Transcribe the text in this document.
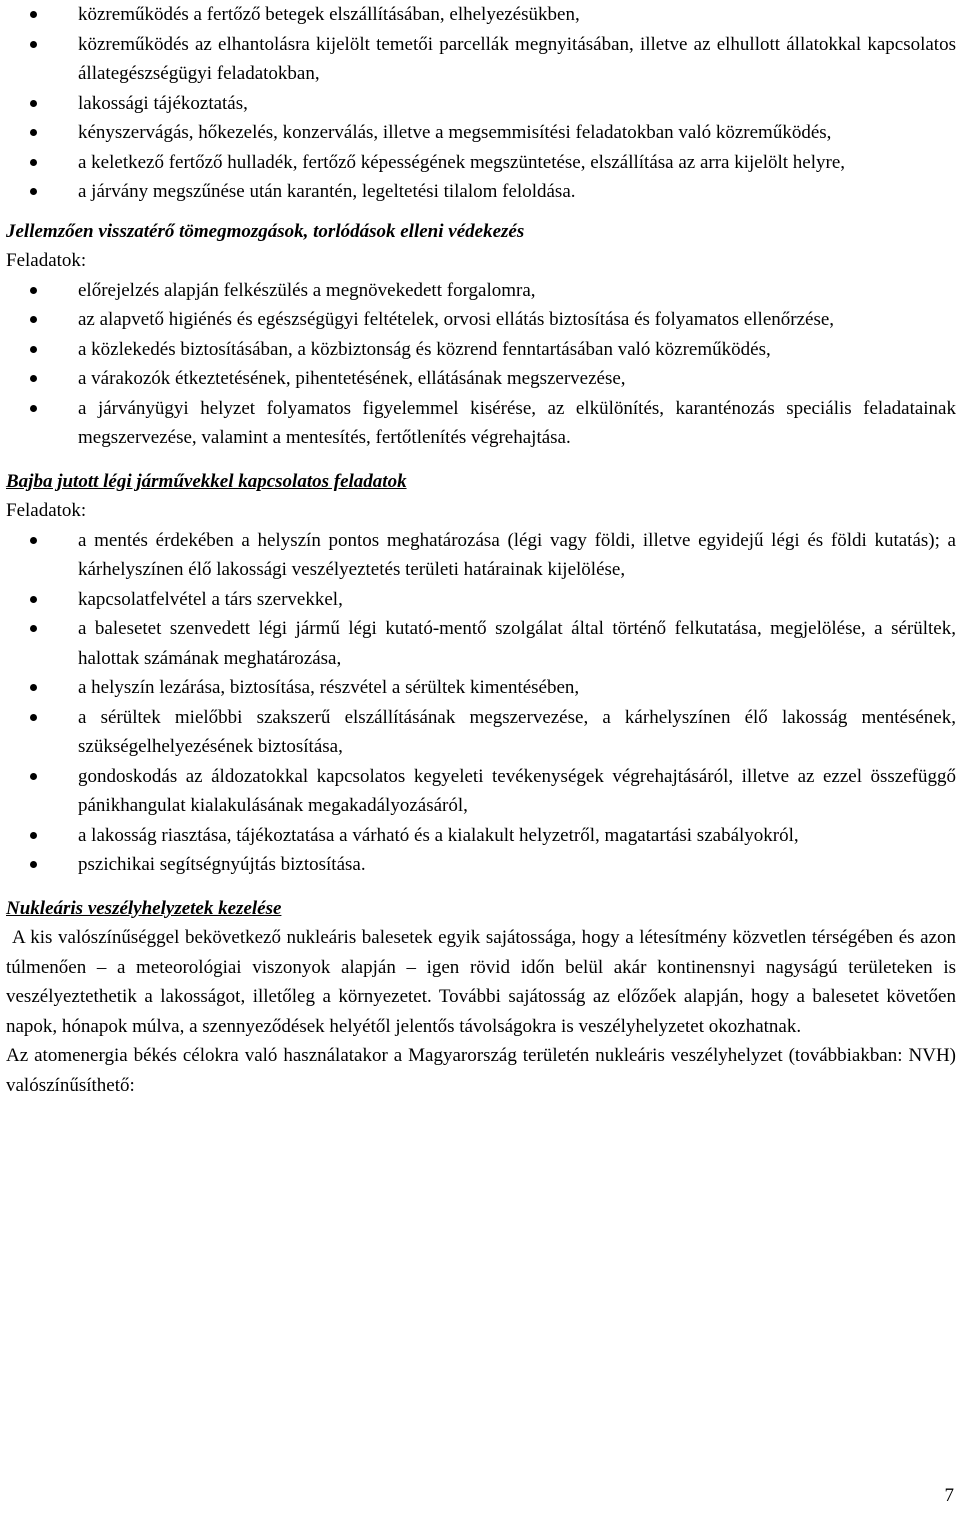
közreműködés a fertőző betegek elszállításában, elhelyezésükben,
közreműködés az elhantolásra kijelölt temetői parcellák megnyitásában, illetve az elhullott állatokkal kapcsolatos állategészségügyi feladatokban,
lakossági tájékoztatás,
kényszervágás, hőkezelés, konzerválás, illetve a megsemmisítési feladatokban való közreműködés,
a keletkező fertőző hulladék, fertőző képességének megszüntetése, elszállítása az arra kijelölt helyre,
a járvány megszűnése után karantén, legeltetési tilalom feloldása.

Jellemzően visszatérő tömegmozgások, torlódások elleni védekezés

Feladatok:

előrejelzés alapján felkészülés a megnövekedett forgalomra,
az alapvető higiénés és egészségügyi feltételek, orvosi ellátás biztosítása és folyamatos ellenőrzése,
a közlekedés biztosításában, a közbiztonság és közrend fenntartásában való közreműködés,
a várakozók étkeztetésének, pihentetésének, ellátásának megszervezése,
a járványügyi helyzet folyamatos figyelemmel kisérése, az elkülönítés, karanténozás speciális feladatainak megszervezése, valamint a mentesítés, fertőtlenítés végrehajtása.

Bajba jutott légi járművekkel kapcsolatos feladatok

Feladatok:

a mentés érdekében a helyszín pontos meghatározása (légi vagy földi, illetve egyidejű légi és földi kutatás); a kárhelyszínen élő lakossági veszélyeztetés területi határainak kijelölése,
kapcsolatfelvétel a társ szervekkel,
a balesetet szenvedett légi jármű légi kutató-mentő szolgálat által történő felkutatása, megjelölése, a sérültek, halottak számának meghatározása,
a helyszín lezárása, biztosítása, részvétel a sérültek kimentésében,
a sérültek mielőbbi szakszerű elszállításának megszervezése, a kárhelyszínen élő lakosság mentésének, szükségelhelyezésének biztosítása,
gondoskodás az áldozatokkal kapcsolatos kegyeleti tevékenységek végrehajtásáról, illetve az ezzel összefüggő pánikhangulat kialakulásának megakadályozásáról,
a lakosság riasztása, tájékoztatása a várható és a kialakult helyzetről, magatartási szabályokról,
pszichikai segítségnyújtás biztosítása.

Nukleáris veszélyhelyzetek kezelése

A kis valószínűséggel bekövetkező nukleáris balesetek egyik sajátossága, hogy a létesítmény közvetlen térségében és azon túlmenően – a meteorológiai viszonyok alapján – igen rövid időn belül akár kontinensnyi nagyságú területeken is veszélyeztethetik a lakosságot, illetőleg a környezetet. További sajátosság az előzőek alapján, hogy a balesetet követően napok, hónapok múlva, a szennyeződések helyétől jelentős távolságokra is veszélyhelyzetet okozhatnak.

Az atomenergia békés célokra való használatakor a Magyarország területén nukleáris veszélyhelyzet (továbbiakban: NVH) valószínűsíthető:

7
